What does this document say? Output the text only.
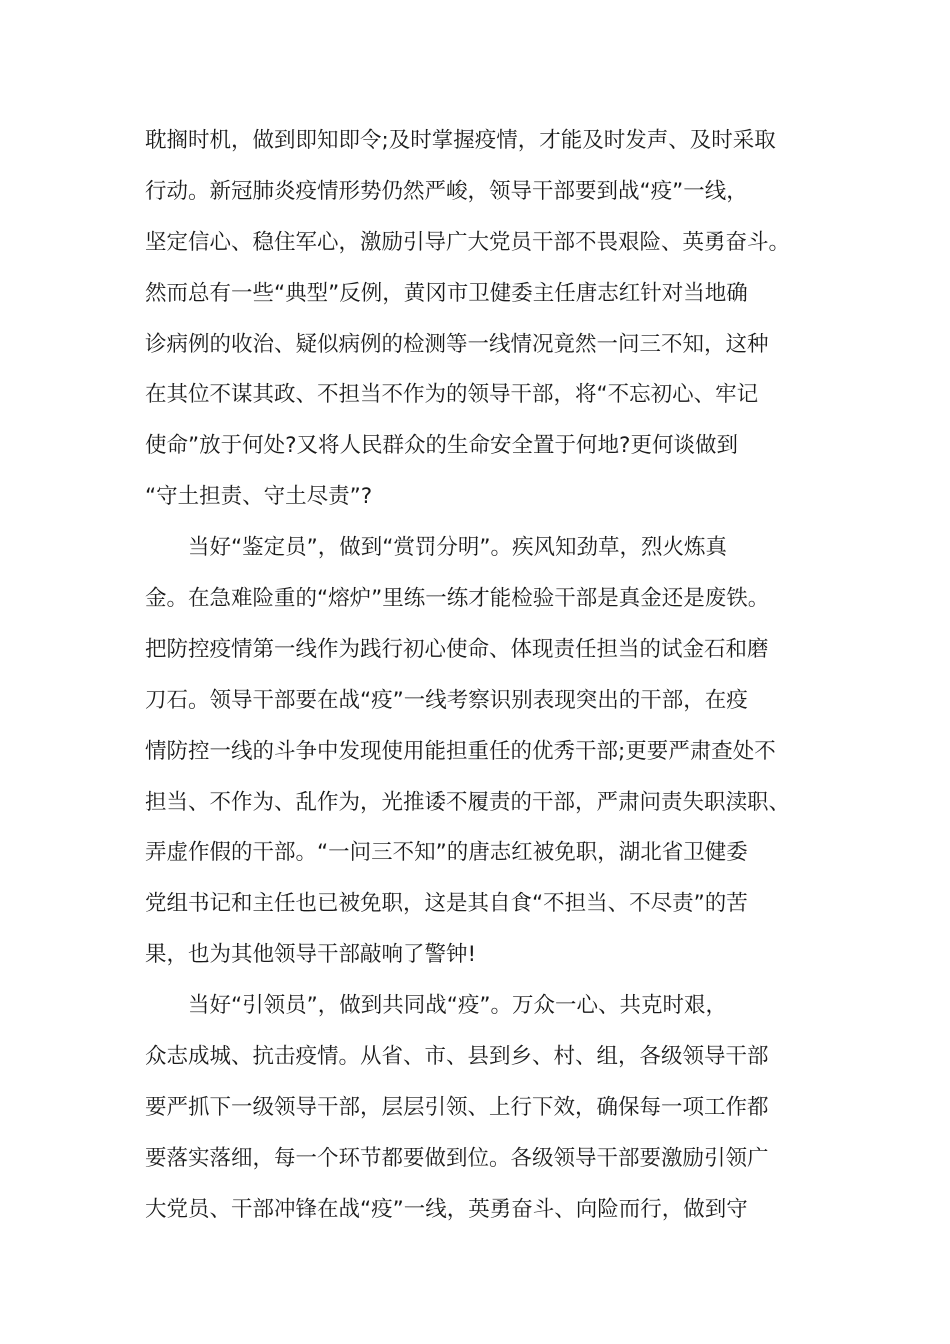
耽搁时机，做到即知即令;及时掌握疫情，才能及时发声、及时采取
行动。新冠肺炎疫情形势仍然严峻，领导干部要到战“疫”一线，
坚定信心、稳住军心，激励引导广大党员干部不畏艰险、英勇奋斗。
然而总有一些“典型”反例，黄冈市卫健委主任唐志红针对当地确
诊病例的收治、疑似病例的检测等一线情况竟然一问三不知，这种
在其位不谋其政、不担当不作为的领导干部，将“不忘初心、牢记
使命”放于何处?又将人民群众的生命安全置于何地?更何谈做到
“守土担责、守土尽责”?
当好“鉴定员”，做到“赏罚分明”。疾风知劲草，烈火炼真
金。在急难险重的“熔炉”里练一练才能检验干部是真金还是废铁。
把防控疫情第一线作为践行初心使命、体现责任担当的试金石和磨
刀石。领导干部要在战“疫”一线考察识别表现突出的干部，在疫
情防控一线的斗争中发现使用能担重任的优秀干部;更要严肃查处不
担当、不作为、乱作为，光推诿不履责的干部，严肃问责失职渎职、
弄虚作假的干部。“一问三不知”的唐志红被免职，湖北省卫健委
党组书记和主任也已被免职，这是其自食“不担当、不尽责”的苦
果，也为其他领导干部敲响了警钟!
当好“引领员”，做到共同战“疫”。万众一心、共克时艰，
众志成城、抗击疫情。从省、市、县到乡、村、组，各级领导干部
要严抓下一级领导干部，层层引领、上行下效，确保每一项工作都
要落实落细，每一个环节都要做到位。各级领导干部要激励引领广
大党员、干部冲锋在战“疫”一线，英勇奋斗、向险而行，做到守
